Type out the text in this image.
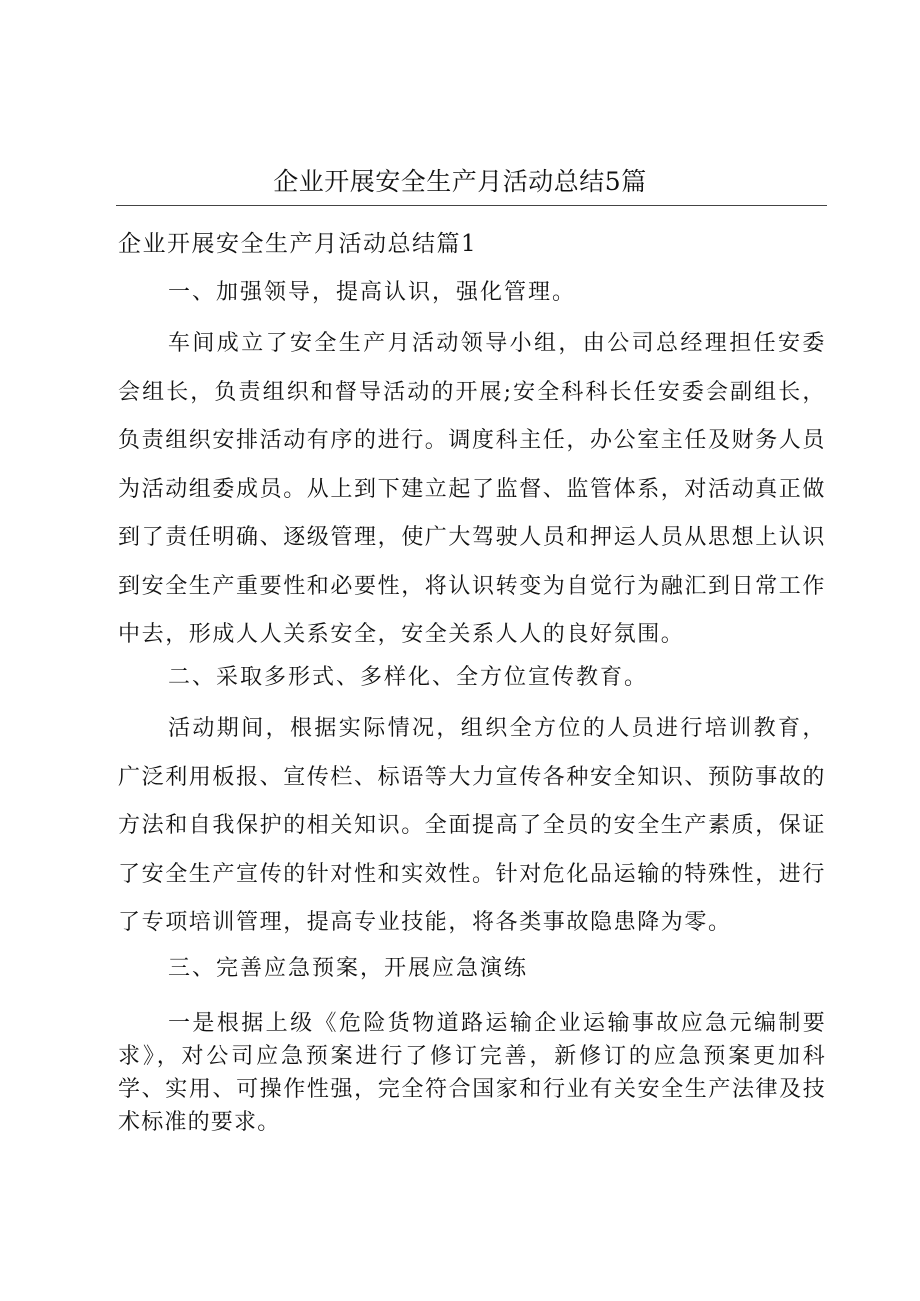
企业开展安全生产月活动总结5篇
企业开展安全生产月活动总结篇1
一、加强领导，提高认识，强化管理。
车间成立了安全生产月活动领导小组，由公司总经理担任安委会组长，负责组织和督导活动的开展;安全科科长任安委会副组长，负责组织安排活动有序的进行。调度科主任，办公室主任及财务人员为活动组委成员。从上到下建立起了监督、监管体系，对活动真正做到了责任明确、逐级管理，使广大驾驶人员和押运人员从思想上认识到安全生产重要性和必要性，将认识转变为自觉行为融汇到日常工作中去，形成人人关系安全，安全关系人人的良好氛围。
二、采取多形式、多样化、全方位宣传教育。
活动期间，根据实际情况，组织全方位的人员进行培训教育，广泛利用板报、宣传栏、标语等大力宣传各种安全知识、预防事故的方法和自我保护的相关知识。全面提高了全员的安全生产素质，保证了安全生产宣传的针对性和实效性。针对危化品运输的特殊性，进行了专项培训管理，提高专业技能，将各类事故隐患降为零。
三、完善应急预案，开展应急演练
一是根据上级《危险货物道路运输企业运输事故应急元编制要求》，对公司应急预案进行了修订完善，新修订的应急预案更加科学、实用、可操作性强，完全符合国家和行业有关安全生产法律及技术标准的要求。
